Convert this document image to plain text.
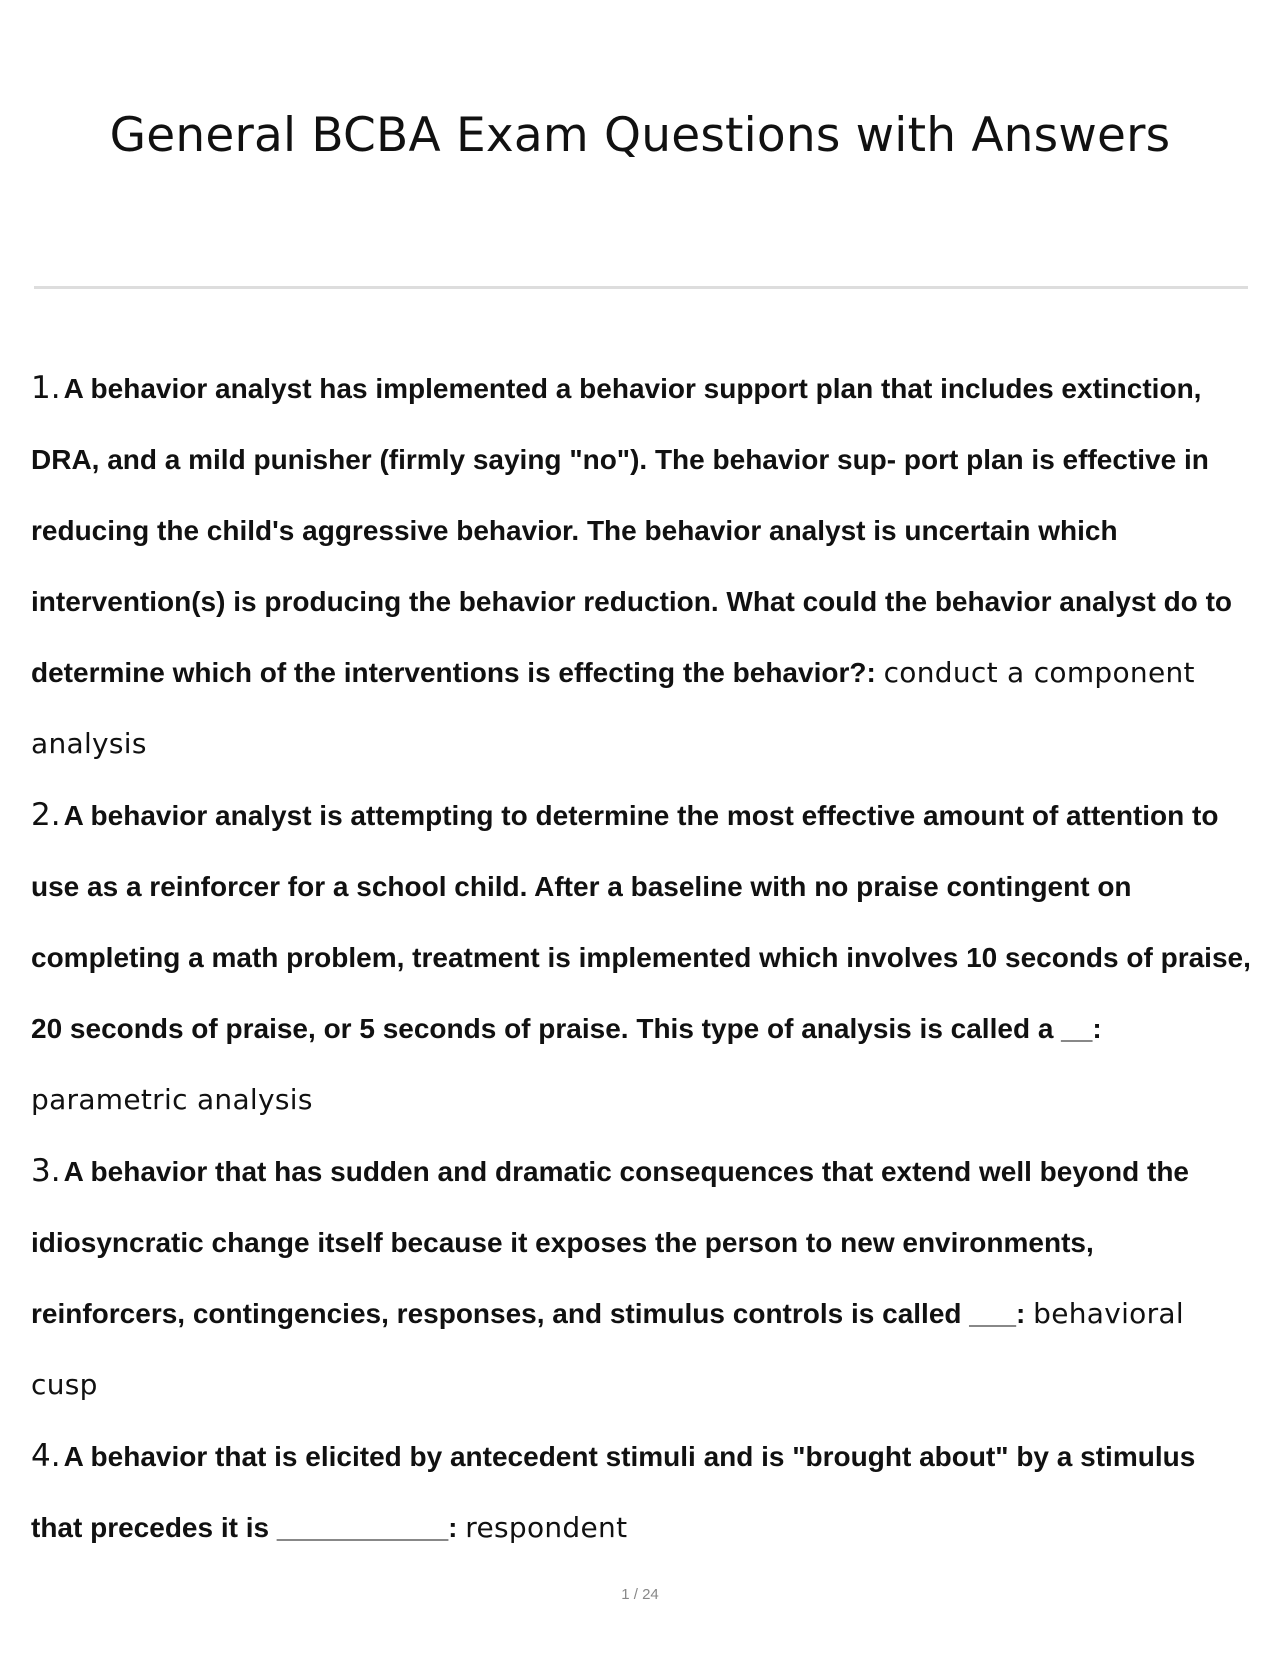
General BCBA Exam Questions with Answers
1. A behavior analyst has implemented a behavior support plan that includes extinction, DRA, and a mild punisher (firmly saying "no"). The behavior sup- port plan is effective in reducing the child's aggressive behavior. The behavior analyst is uncertain which intervention(s) is producing the behavior reduction. What could the behavior analyst do to determine which of the interventions is effecting the behavior?: conduct a component analysis
2. A behavior analyst is attempting to determine the most effective amount of attention to use as a reinforcer for a school child. After a baseline with no praise contingent on completing a math problem, treatment is implemented which involves 10 seconds of praise, 20 seconds of praise, or 5 seconds of praise. This type of analysis is called a __: parametric analysis
3. A behavior that has sudden and dramatic consequences that extend well beyond the idiosyncratic change itself because it exposes the person to new environments, reinforcers, contingencies, responses, and stimulus controls is called ___: behavioral cusp
4. A behavior that is elicited by antecedent stimuli and is "brought about" by a stimulus that precedes it is ___________: respondent
1 / 24
